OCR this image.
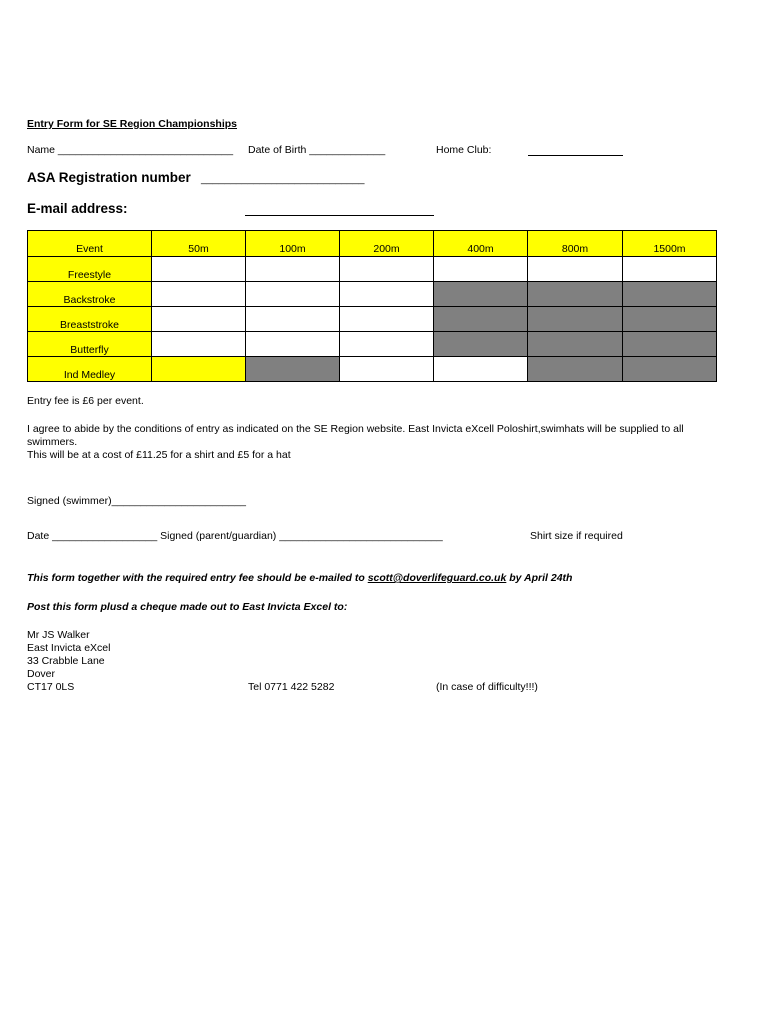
Entry Form for SE Region Championships
Name ______________________________ Date of Birth _____________	Home Club:
ASA Registration number ____________________________
E-mail address:
Event	50m	100m	200m	400m	800m	1500m
Freestyle						
Backstroke						
Breaststroke						
Butterfly						
Ind Medley						
Entry fee is £6 per event.
I agree to abide by the conditions of entry as indicated on the SE Region website. East Invicta eXcell Poloshirt,swimhats will be supplied to all
swimmers.
This will be at a cost of £11.25 for a shirt and £5 for a hat
Signed (swimmer)_______________________
Date __________________ Signed (parent/guardian) ____________________________	Shirt size if required
This form together with the required entry fee should be e-mailed to scott@doverlifeguard.co.uk by April 24th
Post this form plusd a cheque made out to East Invicta Excel to:
Mr JS Walker
East Invicta eXcel
33 Crabble Lane
Dover
CT17 0LS	Tel 0771 422 5282	(In case of difficulty!!!)
